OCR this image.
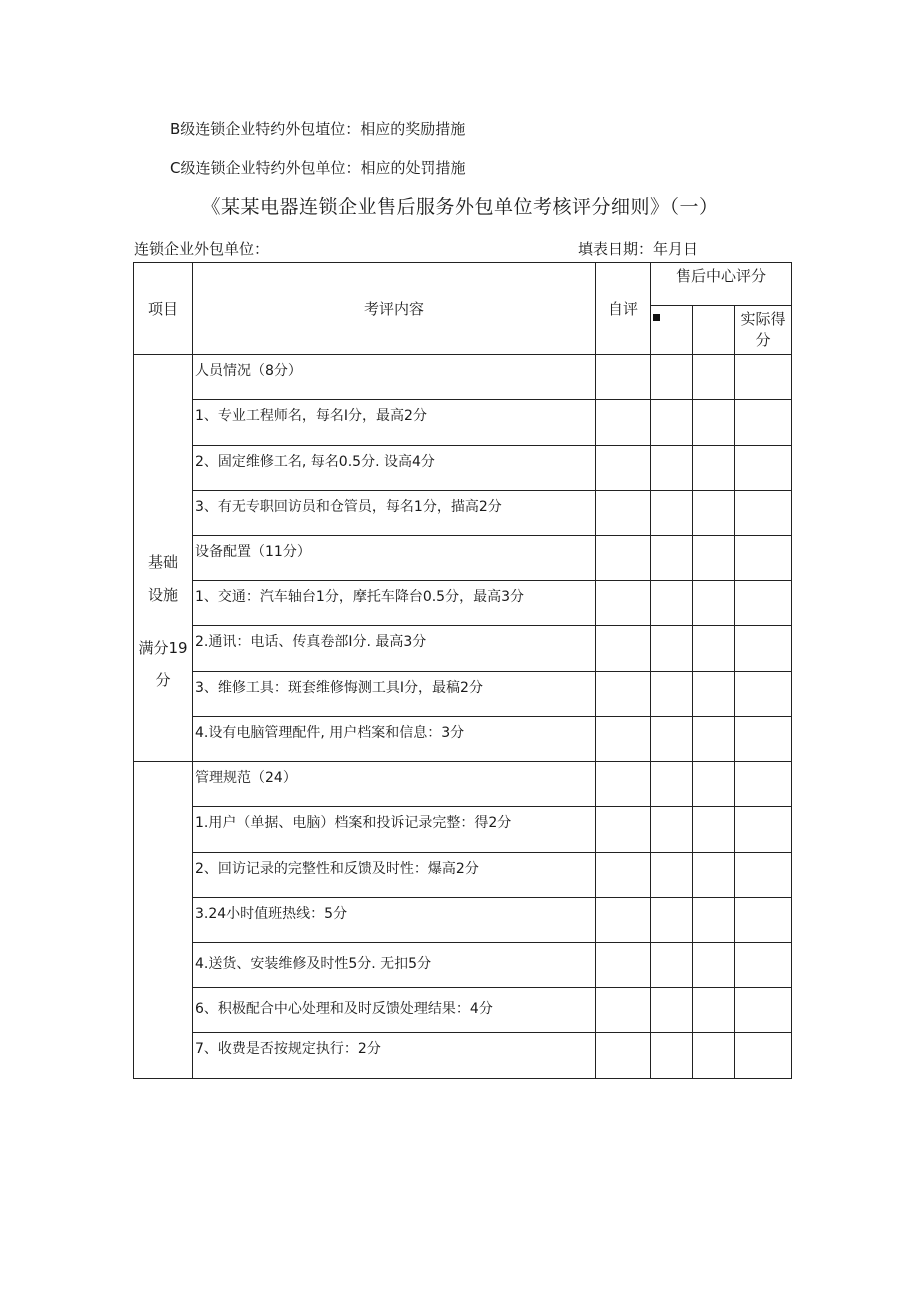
B级连锁企业特约外包埴位：相应的奖励措施
C级连锁企业特约外包单位：相应的处罚措施
《某某电器连锁企业售后服务外包单位考核评分细则》（一）
连锁企业外包单位：	填表日期：年月日
项目	考评内容	自评	售后中心评分		
					实际得分

基础
设施
满分19
分	人员情况（8分）				

	1、专业工程师名，每名Ι分，最高2分				

	2、固定维修工名, 每名0.5分. 设高4分				

	3、有无专职回访员和仓管员，每名1分，描高2分				

	设备配置（11分）				

	1、交通：汽车轴台1分，摩托车降台0.5分，最高3分				

	2.通讯：电话、传真卷部Ι分. 最高3分				

	3、维修工具：斑套维修悔测工具Ι分，最稿2分				

	4.设有电脑管理配件, 用户档案和信息：3分				

	管理规范（24）				

	1.用户（单据、电脑）档案和投诉记录完整：得2分				

	2、回访记录的完整性和反馈及时性：爆高2分				

	3.24小时值班热线：5分				

	4.送货、安装维修及时性5分. 无扣5分				

	6、积极配合中心处理和及时反馈处理结果：4分				

	7、收费是否按规定执行：2分				
